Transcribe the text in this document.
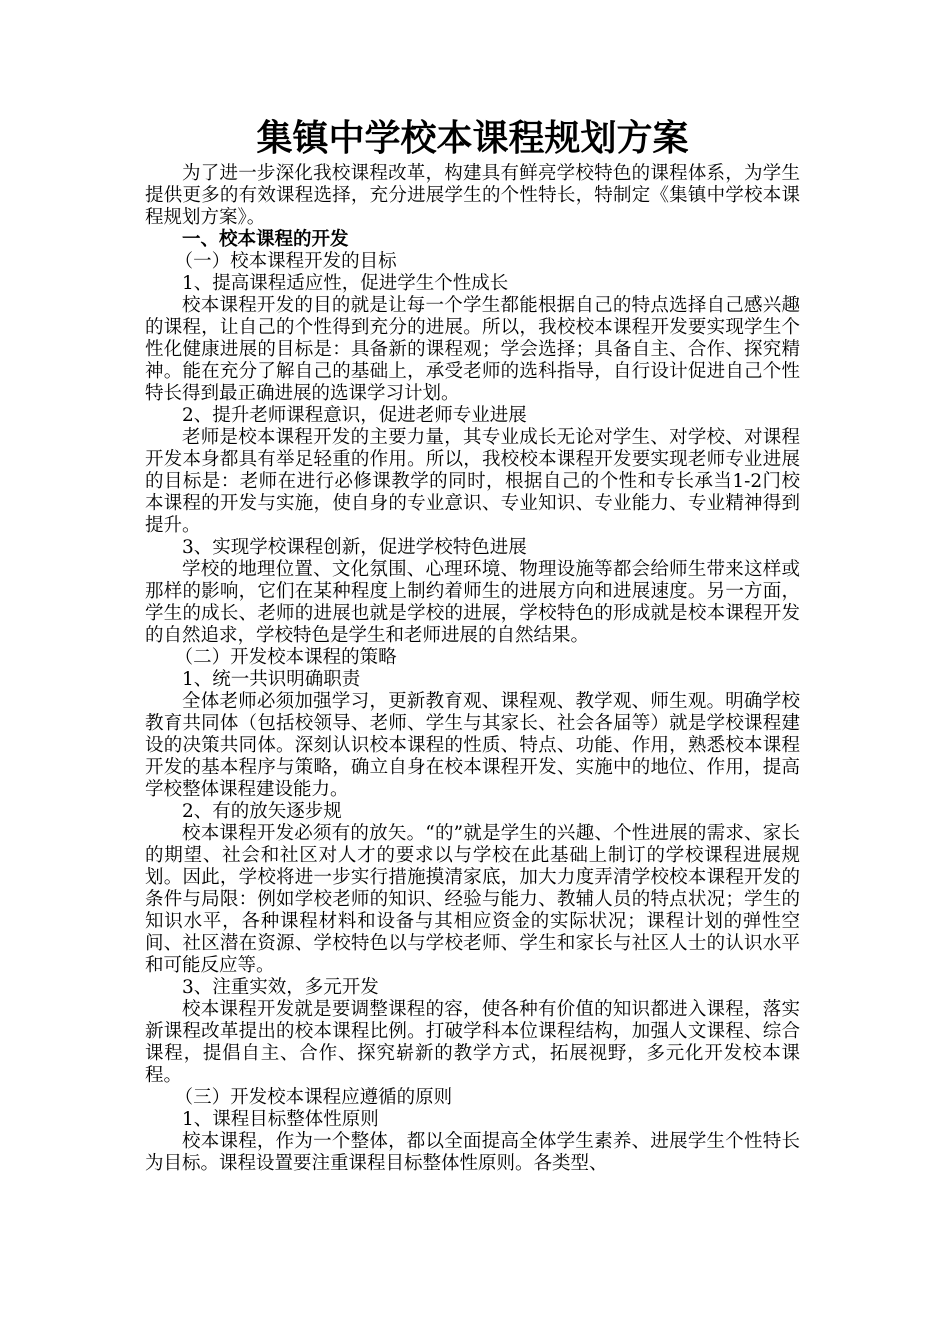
集镇中学校本课程规划方案

为了进一步深化我校课程改革，构建具有鲜亮学校特色的课程体系，为学生提供更多的有效课程选择，充分进展学生的个性特长，特制定《集镇中学校本课程规划方案》。

一、校本课程的开发

（一）校本课程开发的目标

1、提高课程适应性，促进学生个性成长

校本课程开发的目的就是让每一个学生都能根据自己的特点选择自己感兴趣的课程，让自己的个性得到充分的进展。所以，我校校本课程开发要实现学生个性化健康进展的目标是：具备新的课程观；学会选择；具备自主、合作、探究精神。能在充分了解自己的基础上，承受老师的选科指导，自行设计促进自己个性特长得到最正确进展的选课学习计划。

2、提升老师课程意识，促进老师专业进展

老师是校本课程开发的主要力量，其专业成长无论对学生、对学校、对课程开发本身都具有举足轻重的作用。所以，我校校本课程开发要实现老师专业进展的目标是：老师在进行必修课教学的同时，根据自己的个性和专长承当1-2门校本课程的开发与实施，使自身的专业意识、专业知识、专业能力、专业精神得到提升。

3、实现学校课程创新，促进学校特色进展

学校的地理位置、文化氛围、心理环境、物理设施等都会给师生带来这样或那样的影响，它们在某种程度上制约着师生的进展方向和进展速度。另一方面，学生的成长、老师的进展也就是学校的进展，学校特色的形成就是校本课程开发的自然追求，学校特色是学生和老师进展的自然结果。

（二）开发校本课程的策略

1、统一共识明确职责

全体老师必须加强学习，更新教育观、课程观、教学观、师生观。明确学校教育共同体（包括校领导、老师、学生与其家长、社会各届等）就是学校课程建设的决策共同体。深刻认识校本课程的性质、特点、功能、作用，熟悉校本课程开发的基本程序与策略，确立自身在校本课程开发、实施中的地位、作用，提高学校整体课程建设能力。

2、有的放矢逐步规

校本课程开发必须有的放矢。“的”就是学生的兴趣、个性进展的需求、家长的期望、社会和社区对人才的要求以与学校在此基础上制订的学校课程进展规划。因此，学校将进一步实行措施摸清家底，加大力度弄清学校校本课程开发的条件与局限：例如学校老师的知识、经验与能力、教辅人员的特点状况；学生的知识水平，各种课程材料和设备与其相应资金的实际状况；课程计划的弹性空间、社区潜在资源、学校特色以与学校老师、学生和家长与社区人士的认识水平和可能反应等。

3、注重实效，多元开发

校本课程开发就是要调整课程的容，使各种有价值的知识都进入课程，落实新课程改革提出的校本课程比例。打破学科本位课程结构，加强人文课程、综合课程，提倡自主、合作、探究崭新的教学方式，拓展视野，多元化开发校本课程。

（三）开发校本课程应遵循的原则

1、课程目标整体性原则

校本课程，作为一个整体，都以全面提高全体学生素养、进展学生个性特长为目标。课程设置要注重课程目标整体性原则。各类型、
